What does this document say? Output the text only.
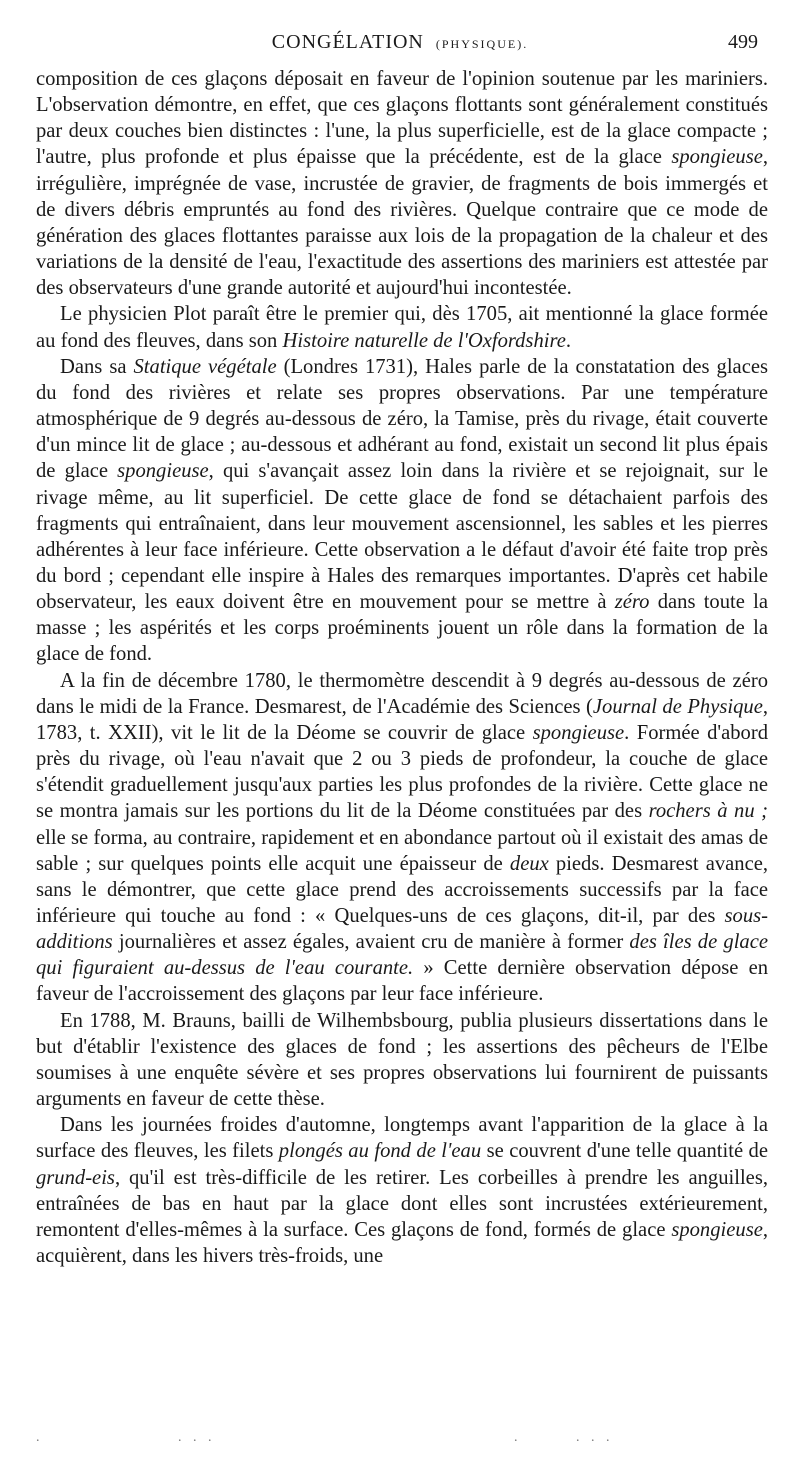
CONGÉLATION (PHYSIQUE).	499

composition de ces glaçons déposait en faveur de l'opinion soutenue par les mariniers. L'observation démontre, en effet, que ces glaçons flottants sont généralement constitués par deux couches bien distinctes : l'une, la plus superficielle, est de la glace compacte ; l'autre, plus profonde et plus épaisse que la précédente, est de la glace spongieuse, irrégulière, imprégnée de vase, incrustée de gravier, de fragments de bois immergés et de divers débris empruntés au fond des rivières. Quelque contraire que ce mode de génération des glaces flottantes paraisse aux lois de la propagation de la chaleur et des variations de la densité de l'eau, l'exactitude des assertions des mariniers est attestée par des observateurs d'une grande autorité et aujourd'hui incontestée.

Le physicien Plot paraît être le premier qui, dès 1705, ait mentionné la glace formée au fond des fleuves, dans son Histoire naturelle de l'Oxfordshire.

Dans sa Statique végétale (Londres 1731), Hales parle de la constatation des glaces du fond des rivières et relate ses propres observations. Par une température atmosphérique de 9 degrés au-dessous de zéro, la Tamise, près du rivage, était couverte d'un mince lit de glace ; au-dessous et adhérant au fond, existait un second lit plus épais de glace spongieuse, qui s'avançait assez loin dans la rivière et se rejoignait, sur le rivage même, au lit superficiel. De cette glace de fond se détachaient parfois des fragments qui entraînaient, dans leur mouvement ascensionnel, les sables et les pierres adhérentes à leur face inférieure. Cette observation a le défaut d'avoir été faite trop près du bord ; cependant elle inspire à Hales des remarques importantes. D'après cet habile observateur, les eaux doivent être en mouvement pour se mettre à zéro dans toute la masse ; les aspérités et les corps proéminents jouent un rôle dans la formation de la glace de fond.

A la fin de décembre 1780, le thermomètre descendit à 9 degrés au-dessous de zéro dans le midi de la France. Desmarest, de l'Académie des Sciences (Journal de Physique, 1783, t. XXII), vit le lit de la Déome se couvrir de glace spongieuse. Formée d'abord près du rivage, où l'eau n'avait que 2 ou 3 pieds de profondeur, la couche de glace s'étendit graduellement jusqu'aux parties les plus profondes de la rivière. Cette glace ne se montra jamais sur les portions du lit de la Déome constituées par des rochers à nu ; elle se forma, au contraire, rapidement et en abondance partout où il existait des amas de sable ; sur quelques points elle acquit une épaisseur de deux pieds. Desmarest avance, sans le démontrer, que cette glace prend des accroissements successifs par la face inférieure qui touche au fond : « Quelques-uns de ces glaçons, dit-il, par des sous-additions journalières et assez égales, avaient cru de manière à former des îles de glace qui figuraient au-dessus de l'eau courante. » Cette dernière observation dépose en faveur de l'accroissement des glaçons par leur face inférieure.

En 1788, M. Brauns, bailli de Wilhembsbourg, publia plusieurs dissertations dans le but d'établir l'existence des glaces de fond ; les assertions des pêcheurs de l'Elbe soumises à une enquête sévère et ses propres observations lui fournirent de puissants arguments en faveur de cette thèse.

Dans les journées froides d'automne, longtemps avant l'apparition de la glace à la surface des fleuves, les filets plongés au fond de l'eau se couvrent d'une telle quantité de grund-eis, qu'il est très-difficile de les retirer. Les corbeilles à prendre les anguilles, entraînées de bas en haut par la glace dont elles sont incrustées extérieurement, remontent d'elles-mêmes à la surface. Ces glaçons de fond, formés de glace spongieuse, acquièrent, dans les hivers très-froids, une

.	. . .	.	. . .
